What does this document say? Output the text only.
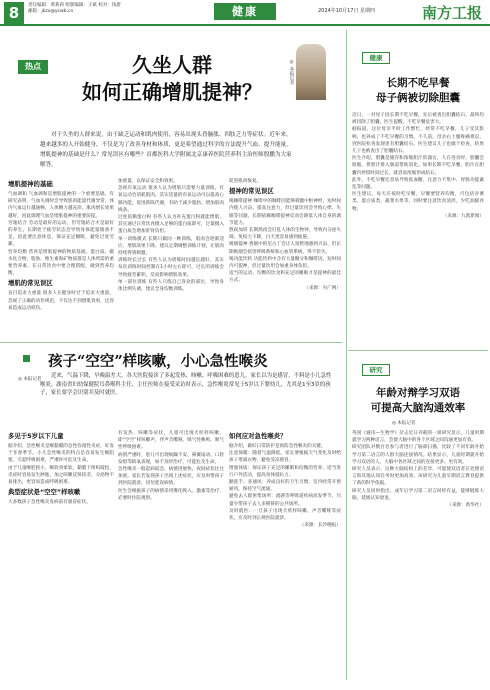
8	责任编辑：黄莉莉 组版编辑：王斌 校对：钱唐
邮箱：jkzx@ycwb.cn	健康	2024年10月17日 星期四	南方工报
热点	久坐人群
如何正确增肌提神？
◎ 本报记者
对于久坐的人群来说，由于缺乏运动和肌肉使用，容易出现头昏脑胀、四肢乏力等症状。近年来，越来越多的人开始健身，不仅是为了改善身材和体质，更是希望通过科学的方法提升气血、提升能量。增肌提神的基础是什么？常见误区有哪些？首都医科大学附属北京康养医院营养科主治医师殷鹏为大家解答。
增肌提神的基础

气血调和 气血调和是增肌提神的一个重要基础。有研究表明，气血失调时会导致肌肉能量代谢异常，体内气血运行越通畅，人体精力越充沛，肌肉增长效果越好，因此调理气血是增肌提神的重要前提。

劳逸结合 劳动是最好的运动，但劳逸结合才是最好的养生。长期处于疲劳状态会导致身体能量储备不足，因此要注意休息，保证充足睡眠，避免过度劳累。

营养均衡 营养是增肌提神的物质基础。蛋白质、碳水化合物、脂肪、维生素和矿物质都是人体所需的重要营养素，在日常饮食中要合理搭配，做到营养均衡。

增肌的常见误区

盲目追求大重量 很多人在健身时过于追求大重量，忽视了正确的动作规范，不仅达不到增肌效果，还容易造成运动损伤。

加重量，以保证安全和效果。

忽视有氧运动 很多人认为增肌只需要力量训练，有氧运动会消耗肌肉。其实适量的有氧运动可以提高心肺功能，促进新陈代谢，有助于减少脂肪、增加肌肉线条。

过度依赖蛋白粉 有些人认为补充蛋白粉就能增肌，其实通过日常饮食摄入足够的蛋白质即可，过量摄入蛋白质会增加肝肾负担。

单一训练模式 长期只做同一种训练，肌肉会逐渐适应，增肌效果下降。建议定期调整训练计划，让肌肉持续得到刺激。

训练时长过长 有些人认为训练时间越长越好，其实每次训练时间控制在1小时左右即可，过长的训练会导致疲劳累积，反而影响增肌效果。

单一部位训练 有些人只练自己喜欢的部位，导致身体比例失调，建议全身均衡训练。

促进肌肉恢复。

提神的常见误区

喝咖啡提神 咖啡中的咖啡因能够刺激中枢神经，短时间内使人兴奋、提高注意力，但过量饮用会导致心悸、失眠等问题，长期依赖咖啡提神反而会降低人体自身的调节能力。

熬夜加班 长期熬夜会打乱人体的生物钟，导致内分泌失调、免疫力下降，白天更容易感到疲倦。

吸烟提神 香烟中的尼古丁会让人短暂地感到兴奋，但长期吸烟会损害呼吸系统和心血管系统，得不偿失。

喝功能饮料 功能饮料中含有大量糖分和咖啡因，短时间内可提神，但过量饮用会加重身体负担。

适当的运动、均衡的饮食和充足的睡眠才是提神的最佳方式。

（来源：央广网）

孩子“空空”样咳嗽，小心急性喉炎
◎ 本报记者
近来，气温下降，早晚温差大，各大医院接诊了多起发热、咳嗽、呼吸困难的患儿。家长以为是感冒，不料是小儿急性喉炎。湖南省妇幼保健院耳鼻喉科主任、主任医师在接受采访时表示，急性喉炎常见于5岁以下婴幼儿，尤其是1至3岁的孩子，家长要学会识别并及时就医。
多见于5岁以下儿童

据介绍，急性喉炎是喉黏膜的急性弥漫性炎症，好发于冬春季节。小儿急性喉炎的特点是容易发生喉阻塞，引起呼吸困难，严重时可危及生命。

由于儿童喉腔狭小，喉软骨柔软，黏膜下组织疏松，炎症时容易发生肿胀，加之咳嗽反射较差，分泌物不易排出，更容易造成呼吸困难。

典型症状是“空空”样咳嗽

大多数孩子急性喉炎发病前有感冒症状。

有发热、咳嗽等症状，儿童可出现犬吠样咳嗽，即“空空”样咳嗽声，伴声音嘶哑、吸气性喉鸣、吸气性呼吸困难。

病情严重时，患儿可出现烦躁不安、鼻翼扇动、口唇发绀等缺氧表现，如不及时治疗，可能危及生命。

急性喉炎一般起病较急，病情进展快，夜间症状往往加重。家长若发现孩子出现上述症状，应及时带孩子到医院就诊，切勿延误病情。

医生会根据孩子的病情采用雾化吸入、激素等治疗，必要时住院观察。

如何应对急性喉炎？

据介绍，做好日常防护是预防急性喉炎的关键。

注意保暖：随着气温降低，家长要根据天气变化及时给孩子增减衣物，避免受凉感冒。

增强体质：保证孩子充足的睡眠和均衡的营养，适当进行户外活动，提高身体抵抗力。

勤洗手、多通风：养成良好的卫生习惯，室内经常开窗通风，保持空气流通。

避免去人群密集场所：流感等呼吸道疾病高发季节，尽量少带孩子去人多拥挤的公共场所。

及时就医：一旦孩子出现犬吠样咳嗽、声音嘶哑等症状，应及时到正规医院就诊。

（来源：长沙晚报）

健康
长期不吃早餐
母子俩被切除胆囊

近日，一对母子因长期不吃早餐，先后被查出胆囊结石，最终均被切除了胆囊。医生提醒，不吃早餐危害大。

据报道，这位母亲平时工作繁忙，经常不吃早餐，儿子受其影响，也养成了不吃早餐的习惯。不久前，母亲右上腹疼痛难忍，到医院检查发现患有胆囊结石。医生建议儿子也做个检查，结果儿子也被查出了胆囊结石。

医生介绍，胆囊是储存和浓缩胆汁的器官，人在进食时，胆囊会收缩，将胆汁排入肠道帮助消化。如果长期不吃早餐，胆汁在胆囊内停留时间过长，就容易浓缩形成结石。

此外，不吃早餐还容易导致低血糖、注意力不集中、胃肠功能紊乱等问题。

医生建议，每天应按时吃早餐，早餐要营养均衡，可包括谷薯类、蛋白质类、蔬菜水果等，同时要注意饮食清淡，少吃油腻食物。

（来源：九派新闻）

研究
年龄对辩学习双语
可提高大脑沟通效率
◎ 本报记者

英国《通讯—生物学》杂志近日刊载的一项研究显示，儿童时期就学习两种语言，会使大脑中的各个区域之间沟通更加有效。

研究团队对数百名参与者进行了脑部扫描，比较了不同年龄开始学习第二语言的人群大脑连接情况。结果显示，儿童时期就开始学习双语的人，大脑中各区域之间的连接更多、更有效。

研究人员表示，这种大脑结构上的差异，可能使双语者在处理语言和其他认知任务时更加高效。该研究为儿童早期语言教育提供了新的科学依据。

研究人员同时指出，成年后学习第二语言同样有益，能够锻炼大脑、延缓认知衰退。

（来源：新华社）
